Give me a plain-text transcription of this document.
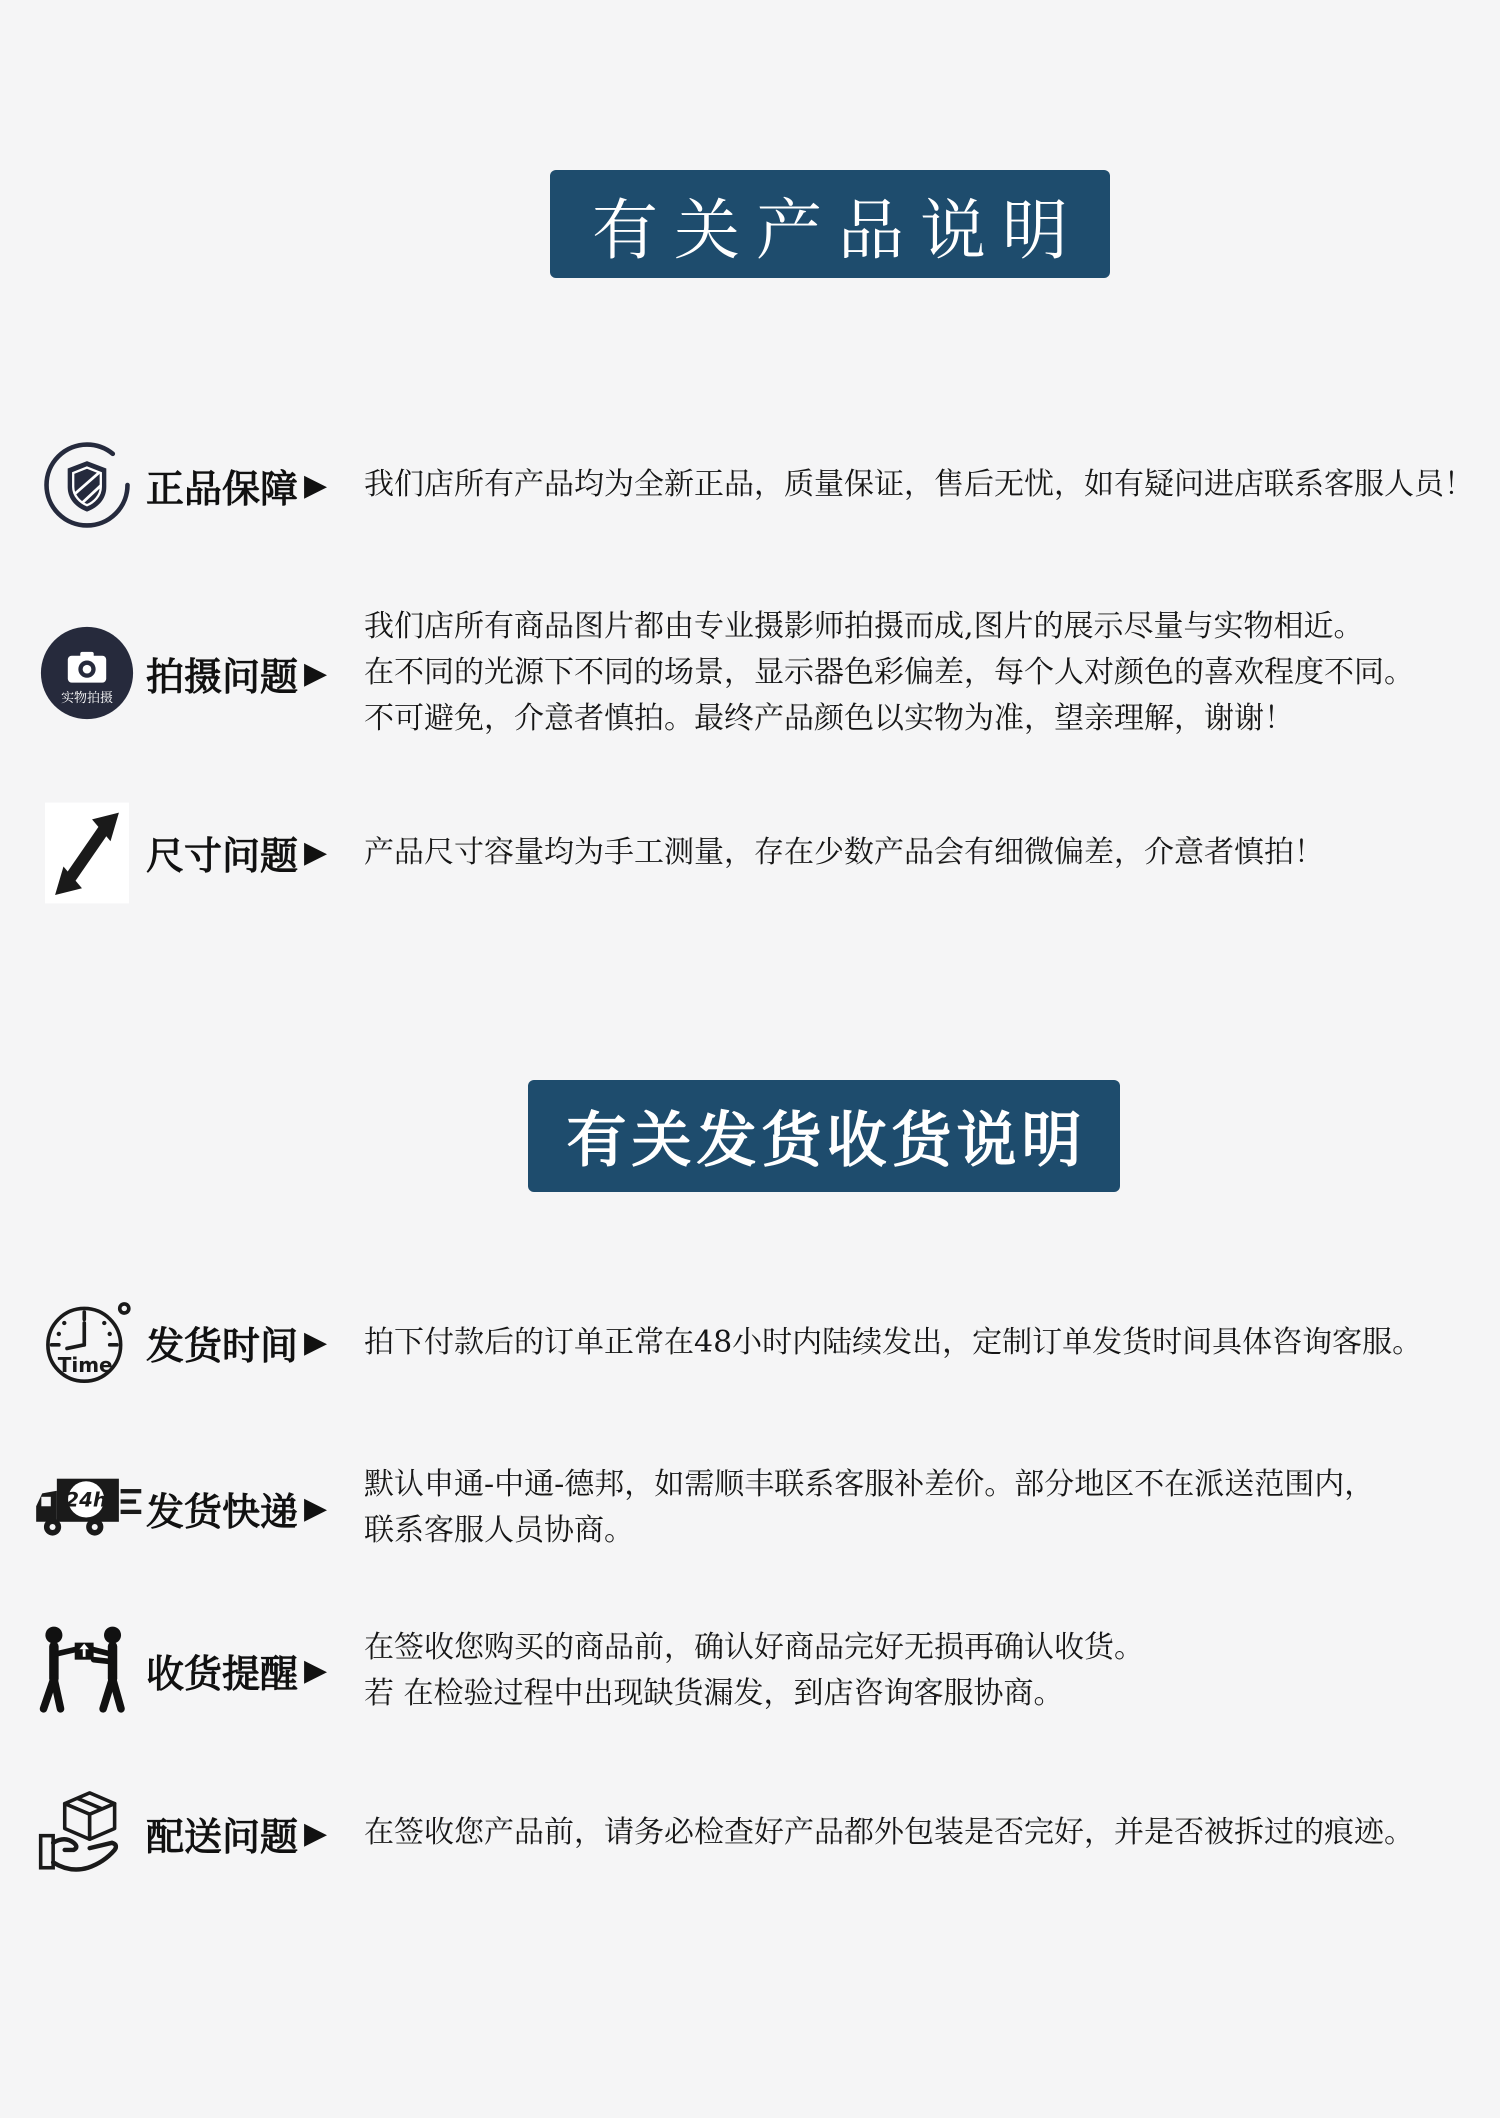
有关产品说明
正品保障 ▶ 我们店所有产品均为全新正品，质量保证，售后无忧，如有疑问进店联系客服人员！
实物拍摄 拍摄问题 ▶
我们店所有商品图片都由专业摄影师拍摄而成,图片的展示尽量与实物相近。
在不同的光源下不同的场景，显示器色彩偏差，每个人对颜色的喜欢程度不同。
不可避免，介意者慎拍。最终产品颜色以实物为准，望亲理解，谢谢！
尺寸问题 ▶ 产品尺寸容量均为手工测量，存在少数产品会有细微偏差，介意者慎拍！
有关发货收货说明
Time 发货时间 ▶ 拍下付款后的订单正常在48小时内陆续发出，定制订单发货时间具体咨询客服。
24h 发货快递 ▶
默认申通-中通-德邦，如需顺丰联系客服补差价。部分地区不在派送范围内，
联系客服人员协商。
收货提醒 ▶
在签收您购买的商品前，确认好商品完好无损再确认收货。
若 在检验过程中出现缺货漏发，到店咨询客服协商。
配送问题 ▶ 在签收您产品前，请务必检查好产品都外包装是否完好，并是否被拆过的痕迹。
